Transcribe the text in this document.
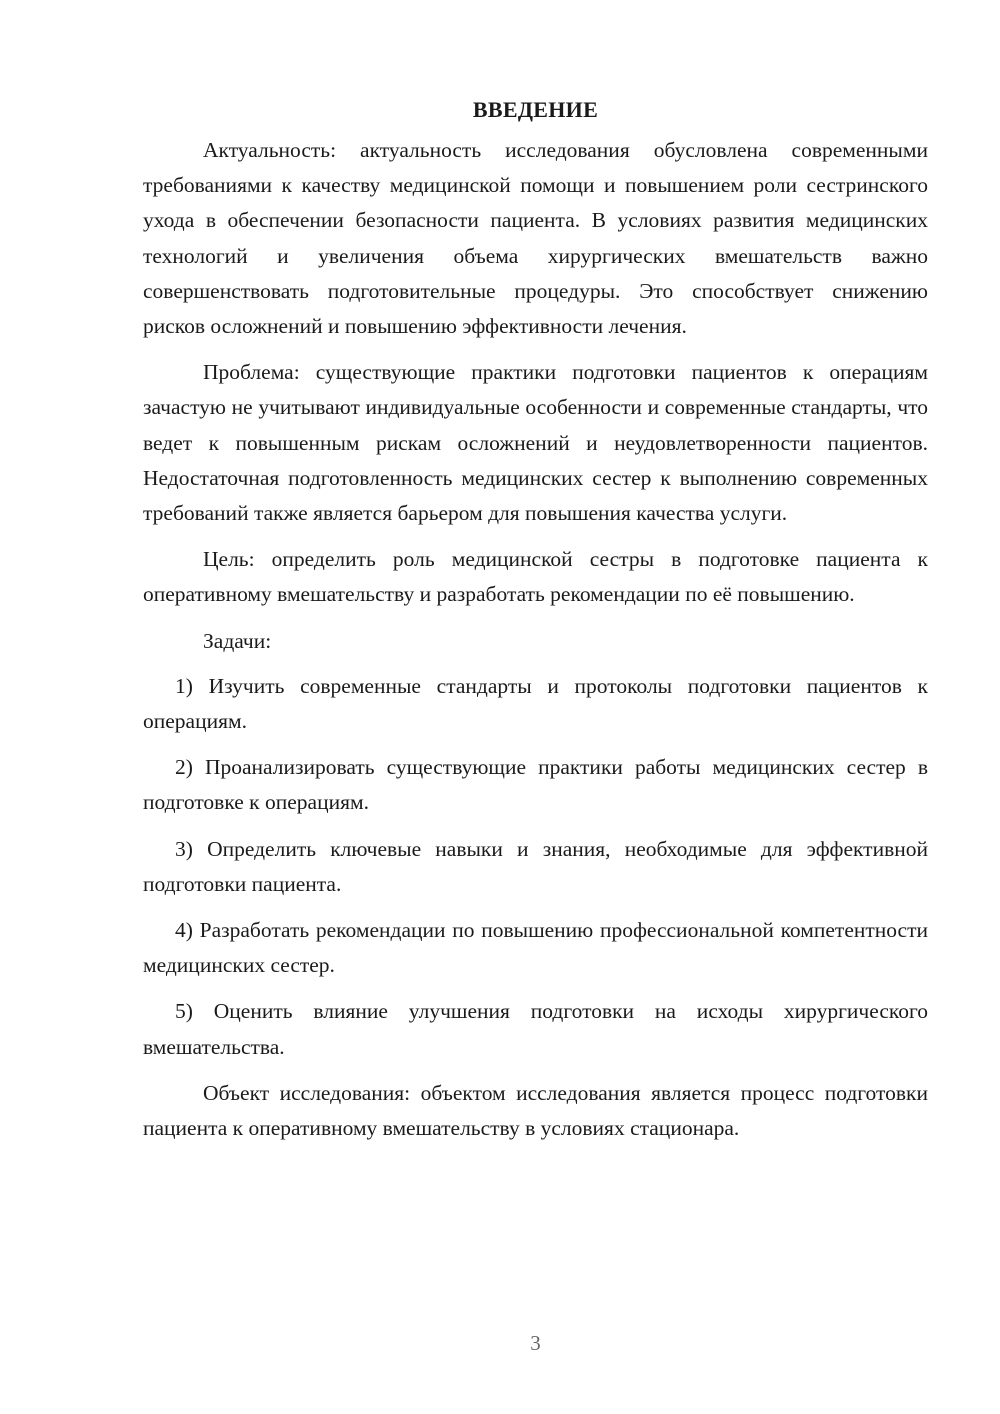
ВВЕДЕНИЕ

Актуальность: актуальность исследования обусловлена современными требованиями к качеству медицинской помощи и повышением роли сестринского ухода в обеспечении безопасности пациента. В условиях развития медицинских технологий и увеличения объема хирургических вмешательств важно совершенствовать подготовительные процедуры. Это способствует снижению рисков осложнений и повышению эффективности лечения.

Проблема: существующие практики подготовки пациентов к операциям зачастую не учитывают индивидуальные особенности и современные стандарты, что ведет к повышенным рискам осложнений и неудовлетворенности пациентов. Недостаточная подготовленность медицинских сестер к выполнению современных требований также является барьером для повышения качества услуги.

Цель: определить роль медицинской сестры в подготовке пациента к оперативному вмешательству и разработать рекомендации по её повышению.

Задачи:

1) Изучить современные стандарты и протоколы подготовки пациентов к операциям.

2) Проанализировать существующие практики работы медицинских сестер в подготовке к операциям.

3) Определить ключевые навыки и знания, необходимые для эффективной подготовки пациента.

4) Разработать рекомендации по повышению профессиональной компетентности медицинских сестер.

5) Оценить влияние улучшения подготовки на исходы хирургического вмешательства.

Объект исследования: объектом исследования является процесс подготовки пациента к оперативному вмешательству в условиях стационара.

3
